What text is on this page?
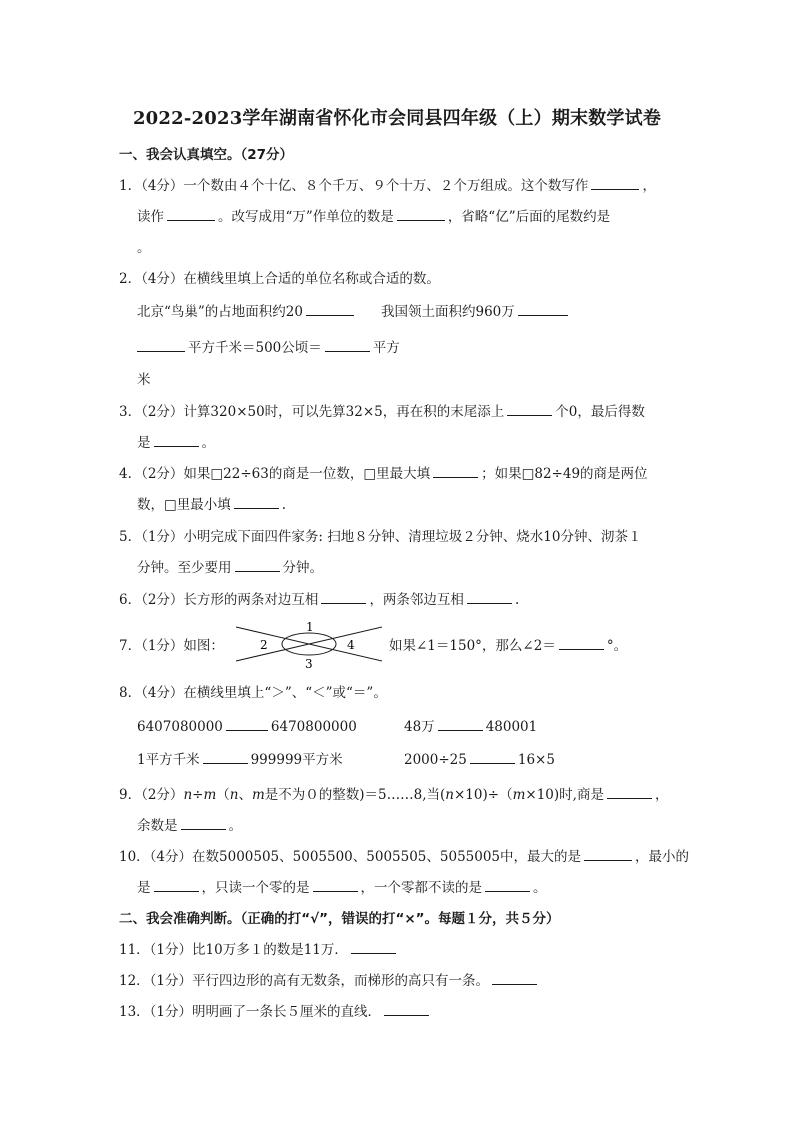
2022-2023学年湖南省怀化市会同县四年级（上）期末数学试卷
一、我会认真填空。（27分）
1．（4分）一个数由４个十亿、８个千万、９个十万、２个万组成。这个数写作	，
读作	。改写成用“万”作单位的数是	，省略“亿”后面的尾数约是
。
2．（4分）在横线里填上合适的单位名称或合适的数。
北京“鸟巢”的占地面积约20	我国领土面积约960万
平方千米＝500公顷＝	平方
米
3．（2分）计算320×50时，可以先算32×5，再在积的末尾添上	个0，最后得数
是	。
4．（2分）如果□22÷63的商是一位数，□里最大填	；如果□82÷49的商是两位
数，□里最小填	.
5．（1分）小明完成下面四件家务: 扫地８分钟、清理垃圾２分钟、烧水10分钟、沏茶１
分钟。至少要用	分钟。
6．（2分）长方形的两条对边互相	，两条邻边互相	.
7．（1分）如图：
1
2
3
4	如果∠1＝150°，那么∠2＝	°。
8．（4分）在横线里填上“＞”、“＜”或“＝”。
6407080000	6470800000	48万	480001
1平方千米	999999平方米	2000÷25	16×5
9．（2分）n÷m（n、m是不为０的整数)＝5……8,当(n×10)÷（m×10)时,商是	，
余数是	。
10．（4分）在数5000505、5005500、5005505、5055005中，最大的是	，最小的
是	，只读一个零的是	，一个零都不读的是	。
二、我会准确判断。（正确的打“√”，错误的打“×”。每题１分，共５分）
11．（1分）比10万多１的数是11万．
12．（1分）平行四边形的高有无数条，而梯形的高只有一条。
13．（1分）明明画了一条长５厘米的直线．
